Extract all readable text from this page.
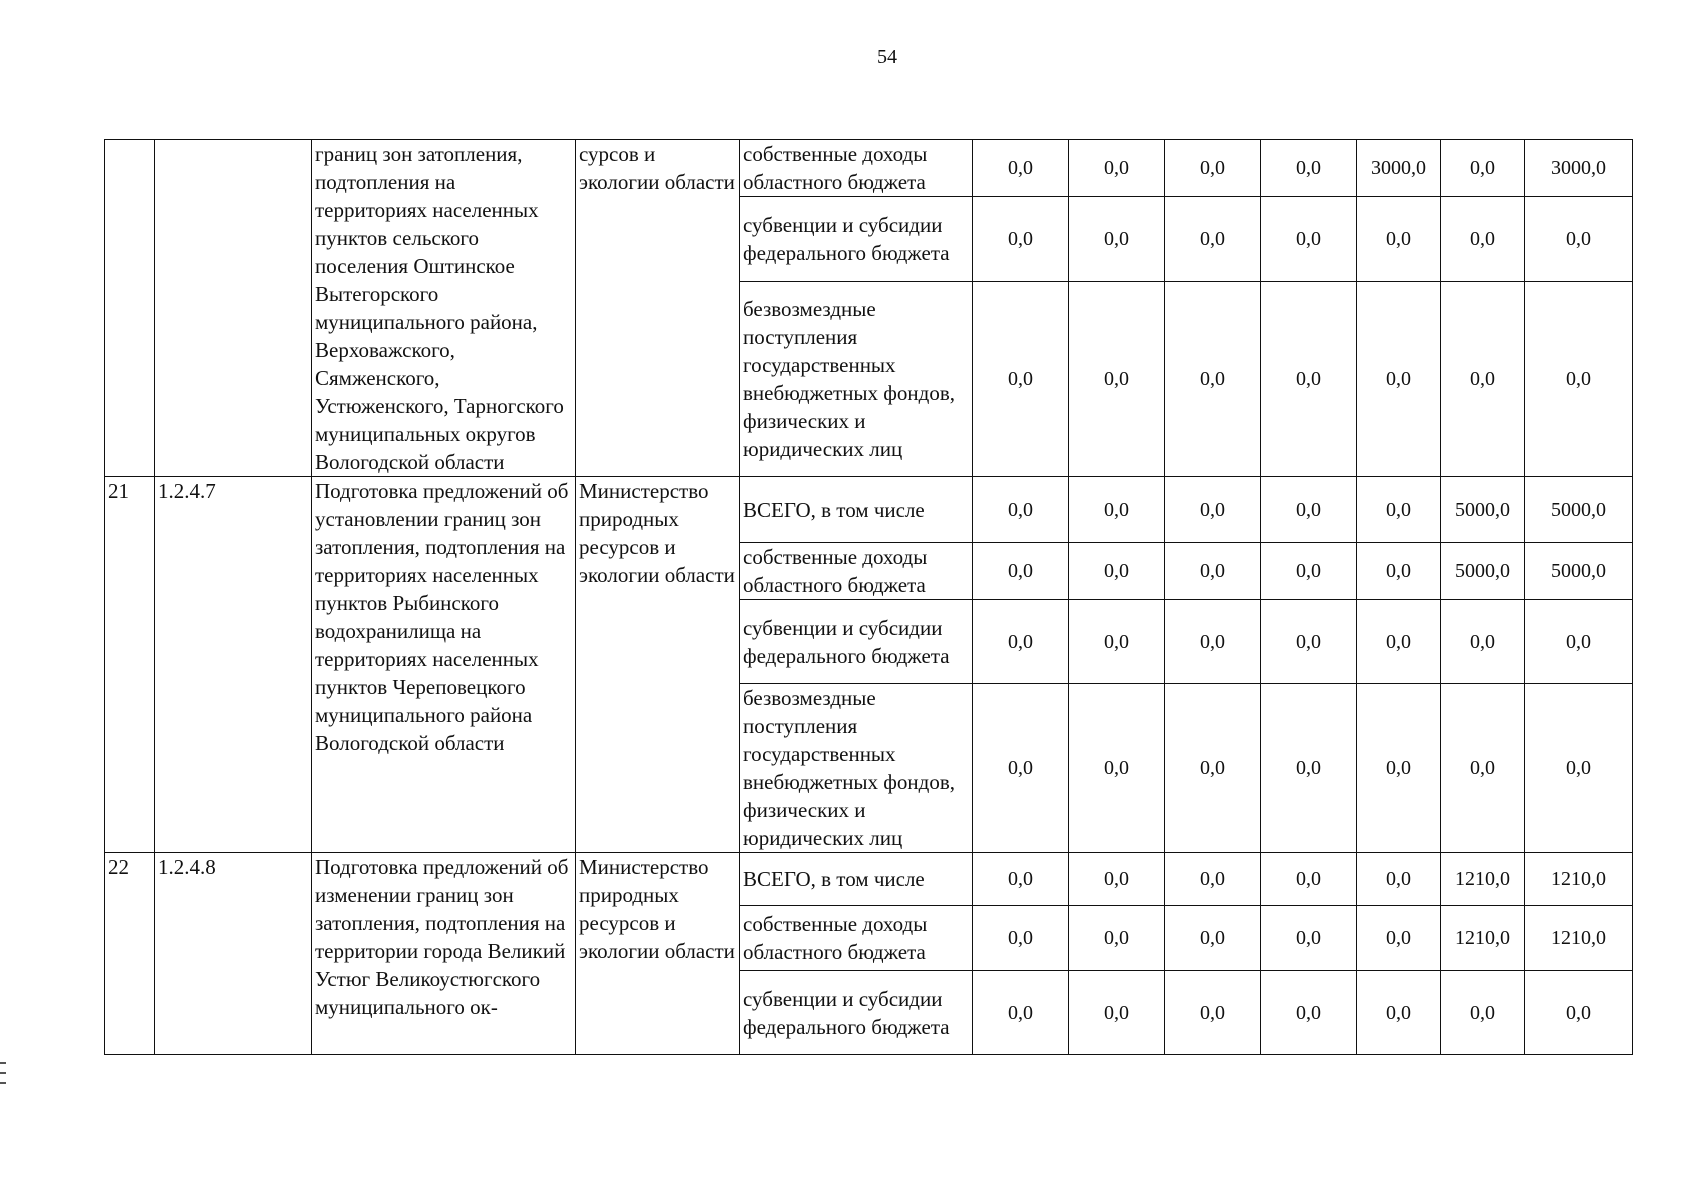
54
		границ зон затопления, подтопления на территориях населенных пунктов сельского поселения Оштинское Вытегорского муниципального района, Верховажского, Сямженского, Устюженского, Тарногского муниципальных округов Вологодской области	сурсов и экологии области	собственные доходы областного бюджета	0,0	0,0	0,0	0,0	3000,0	0,0	3000,0
				субвенции и субсидии федерального бюджета	0,0	0,0	0,0	0,0	0,0	0,0	0,0
				безвозмездные поступления государственных внебюджетных фондов, физических и юридических лиц	0,0	0,0	0,0	0,0	0,0	0,0	0,0
21	1.2.4.7	Подготовка предложений об установлении границ зон затопления, подтопления на территориях населенных пунктов Рыбинского водохранилища на территориях населенных пунктов Череповецкого муниципального района Вологодской области	Министерство природных ресурсов и экологии области	ВСЕГО, в том числе	0,0	0,0	0,0	0,0	0,0	5000,0	5000,0
				собственные доходы областного бюджета	0,0	0,0	0,0	0,0	0,0	5000,0	5000,0
				субвенции и субсидии федерального бюджета	0,0	0,0	0,0	0,0	0,0	0,0	0,0
				безвозмездные поступления государственных внебюджетных фондов, физических и юридических лиц	0,0	0,0	0,0	0,0	0,0	0,0	0,0
22	1.2.4.8	Подготовка предложений об изменении границ зон затопления, подтопления на территории города Великий Устюг Великоустюгского муниципального ок-	Министерство природных ресурсов и экологии области	ВСЕГО, в том числе	0,0	0,0	0,0	0,0	0,0	1210,0	1210,0
				собственные доходы областного бюджета	0,0	0,0	0,0	0,0	0,0	1210,0	1210,0
				субвенции и субсидии федерального бюджета	0,0	0,0	0,0	0,0	0,0	0,0	0,0
